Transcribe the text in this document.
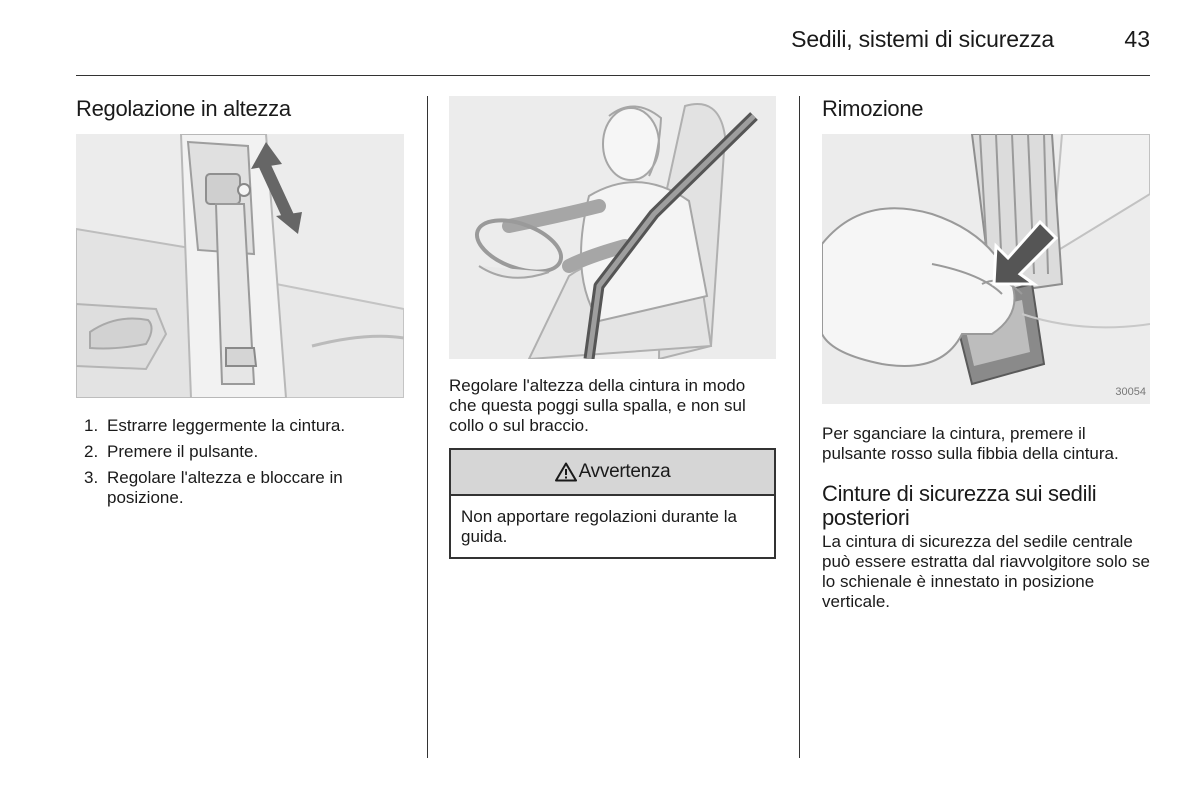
Sedili, sistemi di sicurezza	43
Regolazione in altezza
1. Estrarre leggermente la cintura.
2. Premere il pulsante.
3. Regolare l'altezza e bloccare in posizione.

Regolare l'altezza della cintura in modo che questa poggi sulla spalla, e non sul collo o sul braccio.

Avvertenza
Non apportare regolazioni durante la guida.
Rimozione
30054

Per sganciare la cintura, premere il pulsante rosso sulla fibbia della cintura.

Cinture di sicurezza sui sedili posteriori

La cintura di sicurezza del sedile centrale può essere estratta dal riavvolgitore solo se lo schienale è innestato in posizione verticale.
